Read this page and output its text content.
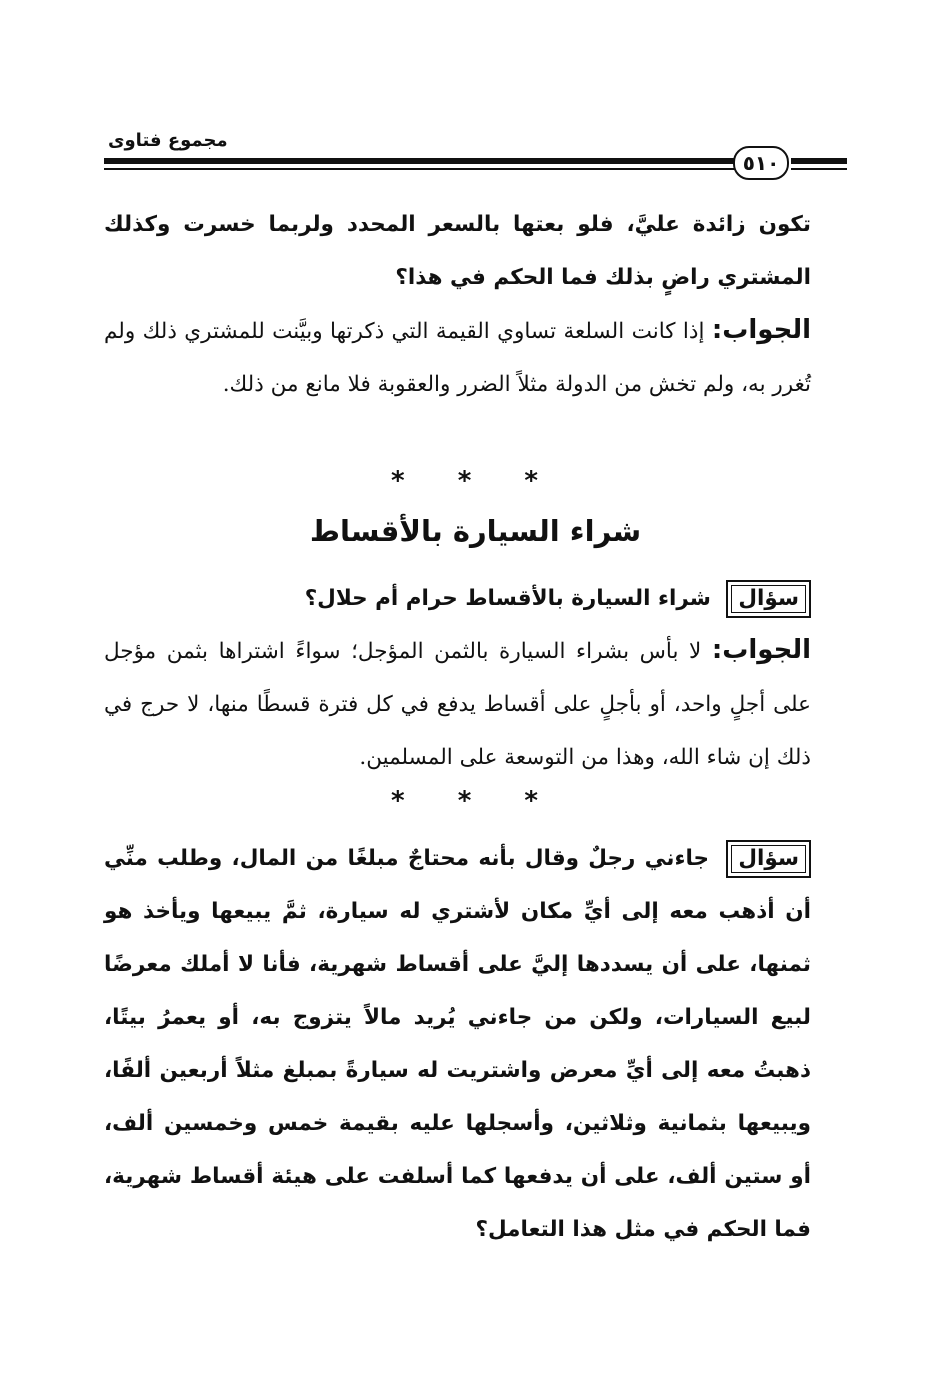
مجموع فتاوى
٥١٠
تكون زائدة عليَّ، فلو بعتها بالسعر المحدد ولربما خسرت وكذلك المشتري راضٍ بذلك فما الحكم في هذا؟
الجواب: إذا كانت السلعة تساوي القيمة التي ذكرتها وبيَّنت للمشتري ذلك ولم تُغرر به، ولم تخش من الدولة مثلاً الضرر والعقوبة فلا مانع من ذلك.
* * *
شراء السيارة بالأقساط
سؤال شراء السيارة بالأقساط حرام أم حلال؟
الجواب: لا بأس بشراء السيارة بالثمن المؤجل؛ سواءً اشتراها بثمن مؤجل على أجلٍ واحد، أو بأجلٍ على أقساط يدفع في كل فترة قسطًا منها، لا حرج في ذلك إن شاء الله، وهذا من التوسعة على المسلمين.
* * *
سؤال جاءني رجلٌ وقال بأنه محتاجٌ مبلغًا من المال، وطلب منِّي أن أذهب معه إلى أيِّ مكان لأشتري له سيارة، ثمَّ يبيعها ويأخذ هو ثمنها، على أن يسددها إليَّ على أقساط شهرية، فأنا لا أملك معرضًا لبيع السيارات، ولكن من جاءني يُريد مالاً يتزوج به، أو يعمرُ بيتًا، ذهبتُ معه إلى أيِّ معرض واشتريت له سيارةً بمبلغ مثلاً أربعين ألفًا، ويبيعها بثمانية وثلاثين، وأسجلها عليه بقيمة خمس وخمسين ألف، أو ستين ألف، على أن يدفعها كما أسلفت على هيئة أقساط شهرية، فما الحكم في مثل هذا التعامل؟
